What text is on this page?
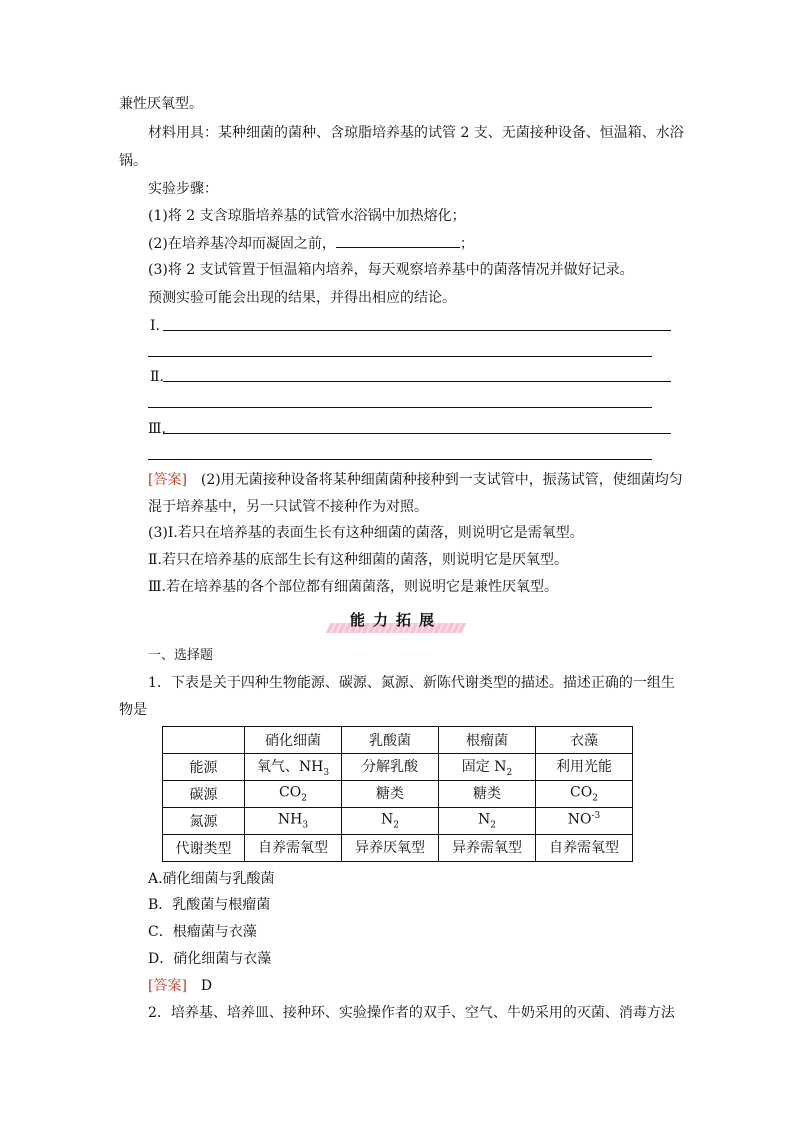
兼性厌氧型。
材料用具：某种细菌的菌种、含琼脂培养基的试管 2 支、无菌接种设备、恒温箱、水浴
锅。
实验步骤：
(1)将 2 支含琼脂培养基的试管水浴锅中加热熔化；
(2)在培养基冷却而凝固之前，	；
(3)将 2 支试管置于恒温箱内培养，每天观察培养基中的菌落情况并做好记录。
预测实验可能会出现的结果，并得出相应的结论。
Ⅰ.
Ⅱ.
Ⅲ.
[答案]　(2)用无菌接种设备将某种细菌菌种接种到一支试管中，振荡试管，使细菌均匀
混于培养基中，另一只试管不接种作为对照。
(3)Ⅰ.若只在培养基的表面生长有这种细菌的菌落，则说明它是需氧型。
Ⅱ.若只在培养基的底部生长有这种细菌的菌落，则说明它是厌氧型。
Ⅲ.若在培养基的各个部位都有细菌菌落，则说明它是兼性厌氧型。
能力拓展
一、选择题
1．下表是关于四种生物能源、碳源、氮源、新陈代谢类型的描述。描述正确的一组生
物是
	硝化细菌	乳酸菌	根瘤菌	衣藻
能源	氧气、$NH_3$	分解乳酸	固定 $N_2$	利用光能
碳源	$CO_2$	糖类	糖类	$CO_2$
氮源	$NH_3$	$N_2$	$N_2$	$NO^{-3}$
代谢类型	自养需氧型	异养厌氧型	异养需氧型	自养需氧型
A.硝化细菌与乳酸菌
B．乳酸菌与根瘤菌
C．根瘤菌与衣藻
D．硝化细菌与衣藻
[答案]　D
2．培养基、培养皿、接种环、实验操作者的双手、空气、牛奶采用的灭菌、消毒方法
